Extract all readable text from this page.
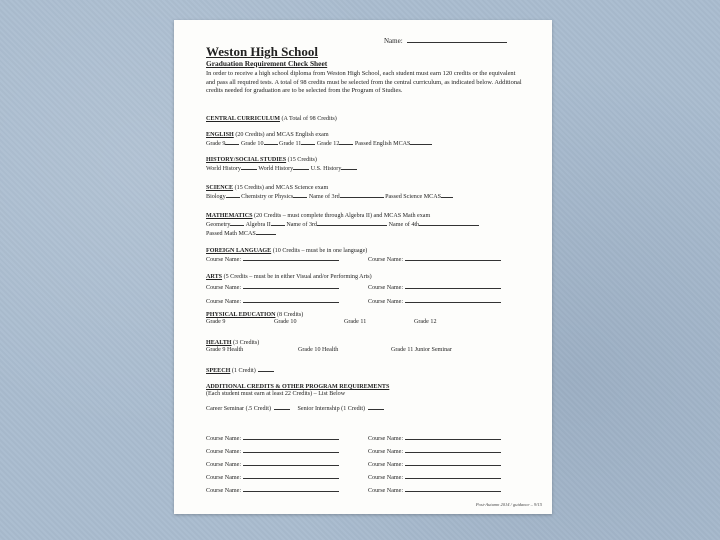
Weston High School
Name:
Graduation Requirement Check Sheet
In order to receive a high school diploma from Weston High School, each student must earn 120 credits or the equivalent and pass all required tests. A total of 98 credits must be selected from the central curriculum, as indicated below. Additional credits needed for graduation are to be selected from the Program of Studies.
CENTRAL CURRICULUM (A Total of 98 Credits)
ENGLISH (20 Credits) and MCAS English exam
Grade 9	Grade 10	Grade 11	Grade 12	Passed English MCAS
HISTORY/SOCIAL STUDIES (15 Credits)
World History	World History	U.S. History
SCIENCE (15 Credits) and MCAS Science exam
Biology	Chemistry or Physics	Name of 3rd	Passed Science MCAS
MATHEMATICS (20 Credits – must complete through Algebra II) and MCAS Math exam
Geometry Algebra II	Name of 3rd	Name of 4th
Passed Math MCAS
FOREIGN LANGUAGE (10 Credits – must be in one language)
Course Name:	Course Name:
ARTS (5 Credits – must be in either Visual and/or Performing Arts)
Course Name:	Course Name:
Course Name:	Course Name:
PHYSICAL EDUCATION (8 Credits)
Grade 9	Grade 10	Grade 11	Grade 12
HEALTH (3 Credits)
Grade 9 Health	Grade 10 Health	Grade 11 Junior Seminar
SPEECH (1 Credit)
ADDITIONAL CREDITS & OTHER PROGRAM REQUIREMENTS
(Each student must earn at least 22 Credits) – List Below
Career Seminar (.5 Credit)	Senior Internship (1 Credit)
Course Name:	Course Name:
Course Name:	Course Name:
Course Name:	Course Name:
Course Name:	Course Name:
Course Name:	Course Name:
Post-Autumn 2014 / guidance – 9/15
